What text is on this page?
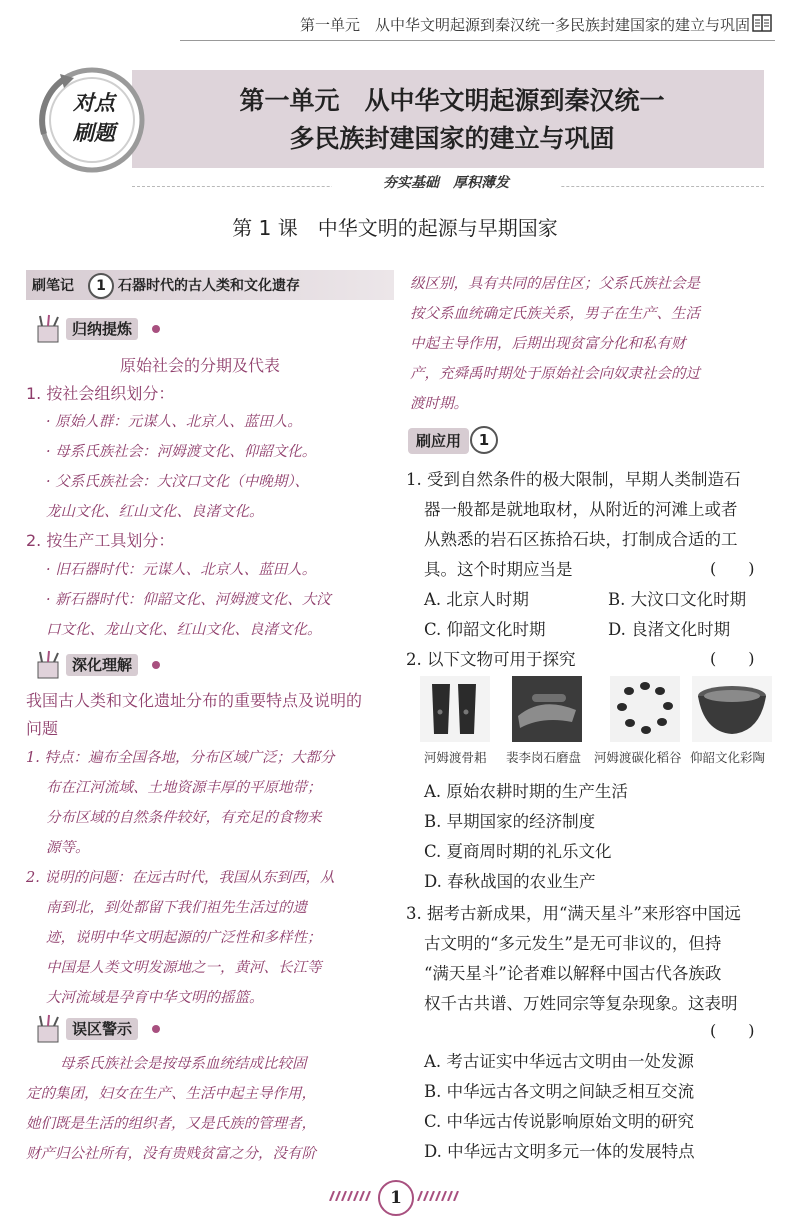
第一单元　从中华文明起源到秦汉统一多民族封建国家的建立与巩固
对点
刷题
第一单元　从中华文明起源到秦汉统一
多民族封建国家的建立与巩固
夯实基础　厚积薄发
第 1 课　中华文明的起源与早期国家
刷笔记	1 石器时代的古人类和文化遗存
归纳提炼
原始社会的分期及代表
1. 按社会组织划分：
· 原始人群：元谋人、北京人、蓝田人。
· 母系氏族社会：河姆渡文化、仰韶文化。
· 父系氏族社会：大汶口文化（中晚期）、
龙山文化、红山文化、良渚文化。
2. 按生产工具划分：
· 旧石器时代：元谋人、北京人、蓝田人。
· 新石器时代：仰韶文化、河姆渡文化、大汶
口文化、龙山文化、红山文化、良渚文化。
深化理解
我国古人类和文化遗址分布的重要特点及说明的
问题
1. 特点：遍布全国各地，分布区域广泛；大都分
布在江河流域、土地资源丰厚的平原地带；
分布区域的自然条件较好，有充足的食物来
源等。
2. 说明的问题：在远古时代，我国从东到西，从
南到北，到处都留下我们祖先生活过的遗
迹，说明中华文明起源的广泛性和多样性；
中国是人类文明发源地之一，黄河、长江等
大河流域是孕育中华文明的摇篮。
误区警示
母系氏族社会是按母系血统结成比较固
定的集团，妇女在生产、生活中起主导作用，
她们既是生活的组织者，又是氏族的管理者，
财产归公社所有，没有贵贱贫富之分，没有阶
级区别，具有共同的居住区；父系氏族社会是
按父系血统确定氏族关系，男子在生产、生活
中起主导作用，后期出现贫富分化和私有财
产，充舜禹时期处于原始社会向奴隶社会的过
渡时期。
刷应用	1
1. 受到自然条件的极大限制，早期人类制造石
器一般都是就地取材，从附近的河滩上或者
从熟悉的岩石区拣拾石块，打制成合适的工
具。这个时期应当是	(　　)
A. 北京人时期	B. 大汶口文化时期
C. 仰韶文化时期	D. 良渚文化时期
2. 以下文物可用于探究	(　　)
河姆渡骨耜 裴李岗石磨盘 河姆渡碳化稻谷 仰韶文化彩陶
A. 原始农耕时期的生产生活
B. 早期国家的经济制度
C. 夏商周时期的礼乐文化
D. 春秋战国的农业生产
3. 据考古新成果，用“满天星斗”来形容中国远
古文明的“多元发生”是无可非议的，但持
“满天星斗”论者难以解释中国古代各族政
权千古共谱、万姓同宗等复杂现象。这表明
(　　)
A. 考古证实中华远古文明由一处发源
B. 中华远古各文明之间缺乏相互交流
C. 中华远古传说影响原始文明的研究
D. 中华远古文明多元一体的发展特点
1
